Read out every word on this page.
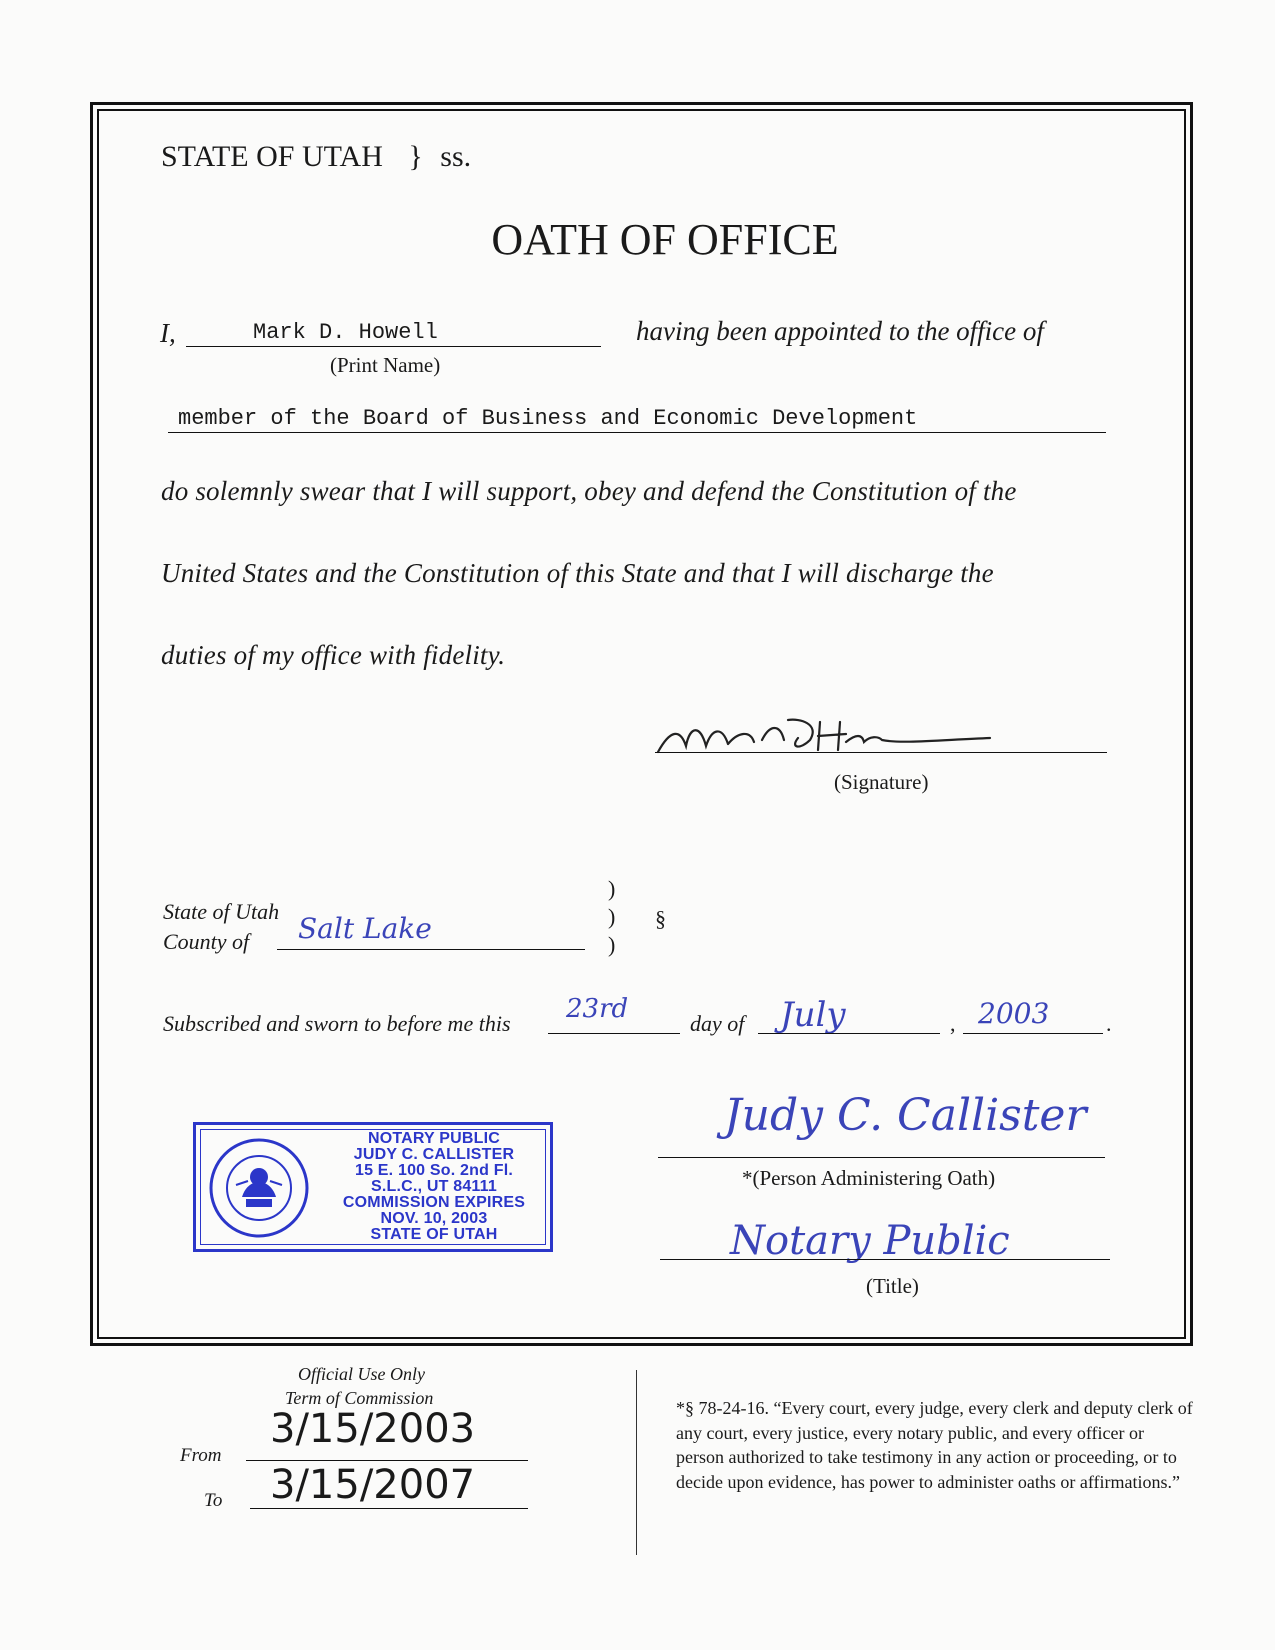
STATE OF UTAH } ss.
OATH OF OFFICE
I,	Mark D. Howell	having been appointed to the office of
(Print Name)
member of the Board of Business and Economic Development
do solemnly swear that I will support, obey and defend the Constitution of the
United States and the Constitution of this State and that I will discharge the
duties of my office with fidelity.
(Signature)
State of Utah
County of Salt Lake
)
)
)
§
Subscribed and sworn to before me this 23rd	day of July	, 2003	.
NOTARY PUBLIC
JUDY C. CALLISTER
15 E. 100 So. 2nd Fl.
S.L.C., UT 84111
COMMISSION EXPIRES
NOV. 10, 2003
STATE OF UTAH
Judy C. Callister
*(Person Administering Oath)
Notary Public
(Title)
Official Use Only
Term of Commission
From
3/15/2003
To 3/15/2007
*§ 78-24-16. “Every court, every judge, every clerk and deputy clerk of any court, every justice, every notary public, and every officer or person authorized to take testimony in any action or proceeding, or to decide upon evidence, has power to administer oaths or affirmations.”
